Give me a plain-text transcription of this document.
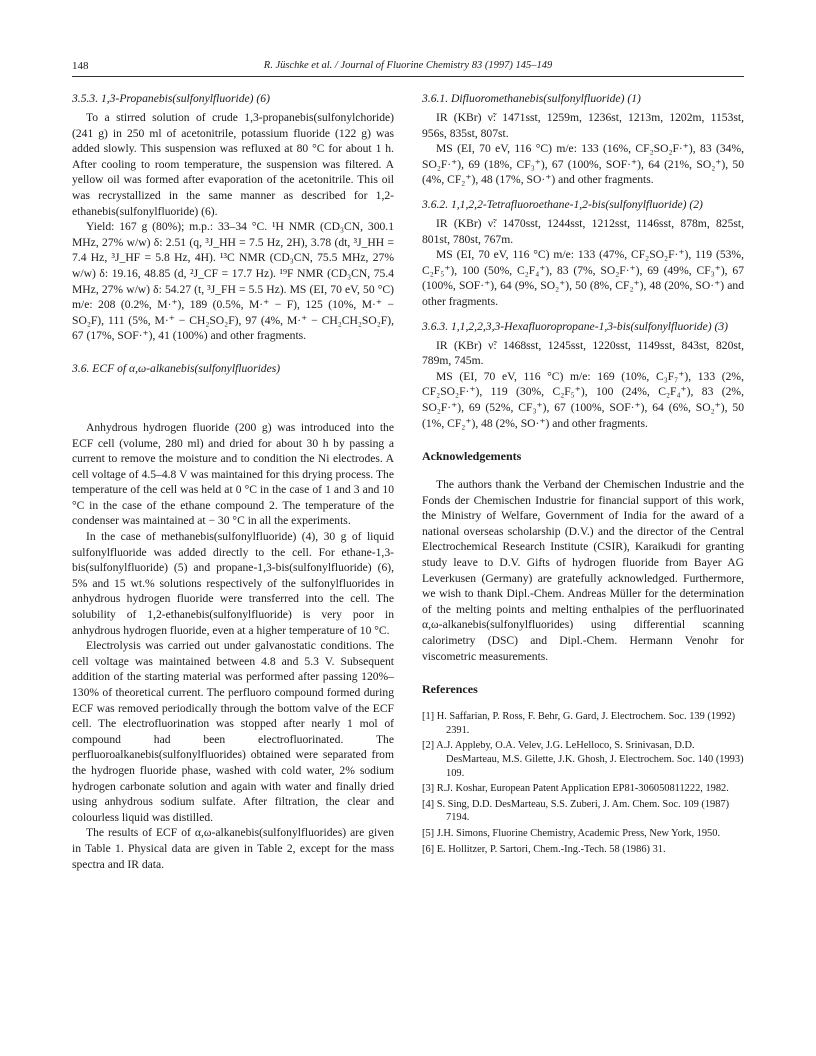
148	R. Jüschke et al. / Journal of Fluorine Chemistry 83 (1997) 145–149
3.5.3. 1,3-Propanebis(sulfonylfluoride) (6)

To a stirred solution of crude 1,3-propanebis(sulfonylchoride) (241 g) in 250 ml of acetonitrile, potassium fluoride (122 g) was added slowly. This suspension was refluxed at 80 °C for about 1 h. After cooling to room temperature, the suspension was filtered. A yellow oil was formed after evaporation of the acetonitrile. This oil was recrystallized in the same manner as described for 1,2-ethanebis(sulfonylfluoride) (6).

Yield: 167 g (80%); m.p.: 33–34 °C. ¹H NMR (CD₃CN, 300.1 MHz, 27% w/w) δ: 2.51 (q, ³J_HH = 7.5 Hz, 2H), 3.78 (dt, ³J_HH = 7.4 Hz, ³J_HF = 5.8 Hz, 4H). ¹³C NMR (CD₃CN, 75.5 MHz, 27% w/w) δ: 19.16, 48.85 (d, ²J_CF = 17.7 Hz). ¹⁹F NMR (CD₃CN, 75.4 MHz, 27% w/w) δ: 54.27 (t, ³J_FH = 5.5 Hz). MS (EI, 70 eV, 50 °C) m/e: 208 (0.2%, M·⁺), 189 (0.5%, M·⁺ − F), 125 (10%, M·⁺ − SO₂F), 111 (5%, M·⁺ − CH₂SO₂F), 97 (4%, M·⁺ − CH₂CH₂SO₂F), 67 (17%, SOF·⁺), 41 (100%) and other fragments.

3.6. ECF of α,ω-alkanebis(sulfonylfluorides)

Anhydrous hydrogen fluoride (200 g) was introduced into the ECF cell (volume, 280 ml) and dried for about 30 h by passing a current to remove the moisture and to condition the Ni electrodes. A cell voltage of 4.5–4.8 V was maintained for this drying process. The temperature of the cell was held at 0 °C in the case of 1 and 3 and 10 °C in the case of the ethane compound 2. The temperature of the condenser was maintained at − 30 °C in all the experiments.

In the case of methanebis(sulfonylfluoride) (4), 30 g of liquid sulfonylfluoride was added directly to the cell. For ethane-1,3-bis(sulfonylfluoride) (5) and propane-1,3-bis(sulfonylfluoride) (6), 5% and 15 wt.% solutions respectively of the sulfonylfluorides in anhydrous hydrogen fluoride were transferred into the cell. The solubility of 1,2-ethanebis(sulfonylfluoride) is very poor in anhydrous hydrogen fluoride, even at a higher temperature of 10 °C.

Electrolysis was carried out under galvanostatic conditions. The cell voltage was maintained between 4.8 and 5.3 V. Subsequent addition of the starting material was performed after passing 120%–130% of theoretical current. The perfluoro compound formed during ECF was removed periodically through the bottom valve of the ECF cell. The electrofluorination was stopped after nearly 1 mol of compound had been electrofluorinated. The perfluoroalkanebis(sulfonylfluorides) obtained were separated from the hydrogen fluoride phase, washed with cold water, 2% sodium hydrogen carbonate solution and again with water and finally dried using anhydrous sodium sulfate. After filtration, the clear and colourless liquid was distilled.

The results of ECF of α,ω-alkanebis(sulfonylfluorides) are given in Table 1. Physical data are given in Table 2, except for the mass spectra and IR data.

3.6.1. Difluoromethanebis(sulfonylfluoride) (1)

IR (KBr) ν̃: 1471sst, 1259m, 1236st, 1213m, 1202m, 1153st, 956s, 835st, 807st.

MS (EI, 70 eV, 116 °C) m/e: 133 (16%, CF₂SO₂F·⁺), 83 (34%, SO₂F·⁺), 69 (18%, CF₃⁺), 67 (100%, SOF·⁺), 64 (21%, SO₂⁺), 50 (4%, CF₂⁺), 48 (17%, SO·⁺) and other fragments.

3.6.2. 1,1,2,2-Tetrafluoroethane-1,2-bis(sulfonylfluoride) (2)

IR (KBr) ν̃: 1470sst, 1244sst, 1212sst, 1146sst, 878m, 825st, 801st, 780st, 767m.

MS (EI, 70 eV, 116 °C) m/e: 133 (47%, CF₂SO₂F·⁺), 119 (53%, C₂F₅⁺), 100 (50%, C₂F₄⁺), 83 (7%, SO₂F·⁺), 69 (49%, CF₃⁺), 67 (100%, SOF·⁺), 64 (9%, SO₂⁺), 50 (8%, CF₂⁺), 48 (20%, SO·⁺) and other fragments.

3.6.3. 1,1,2,2,3,3-Hexafluoropropane-1,3-bis(sulfonylfluoride) (3)

IR (KBr) ν̃: 1468sst, 1245sst, 1220sst, 1149sst, 843st, 820st, 789m, 745m.

MS (EI, 70 eV, 116 °C) m/e: 169 (10%, C₃F₇⁺), 133 (2%, CF₂SO₂F·⁺), 119 (30%, C₂F₅⁺), 100 (24%, C₂F₄⁺), 83 (2%, SO₂F·⁺), 69 (52%, CF₃⁺), 67 (100%, SOF·⁺), 64 (6%, SO₂⁺), 50 (1%, CF₂⁺), 48 (2%, SO·⁺) and other fragments.

Acknowledgements

The authors thank the Verband der Chemischen Industrie and the Fonds der Chemischen Industrie for financial support of this work, the Ministry of Welfare, Government of India for the award of a national overseas scholarship (D.V.) and the director of the Central Electrochemical Research Institute (CSIR), Karaikudi for granting study leave to D.V. Gifts of hydrogen fluoride from Bayer AG Leverkusen (Germany) are gratefully acknowledged. Furthermore, we wish to thank Dipl.-Chem. Andreas Müller for the determination of the melting points and melting enthalpies of the perfluorinated α,ω-alkanebis(sulfonylfluorides) using differential scanning calorimetry (DSC) and Dipl.-Chem. Hermann Venohr for viscometric measurements.

References
[1] H. Saffarian, P. Ross, F. Behr, G. Gard, J. Electrochem. Soc. 139 (1992) 2391.
[2] A.J. Appleby, O.A. Velev, J.G. LeHelloco, S. Srinivasan, D.D. DesMarteau, M.S. Gilette, J.K. Ghosh, J. Electrochem. Soc. 140 (1993) 109.
[3] R.J. Koshar, European Patent Application EP81-306050811222, 1982.
[4] S. Sing, D.D. DesMarteau, S.S. Zuberi, J. Am. Chem. Soc. 109 (1987) 7194.
[5] J.H. Simons, Fluorine Chemistry, Academic Press, New York, 1950.
[6] E. Hollitzer, P. Sartori, Chem.-Ing.-Tech. 58 (1986) 31.
